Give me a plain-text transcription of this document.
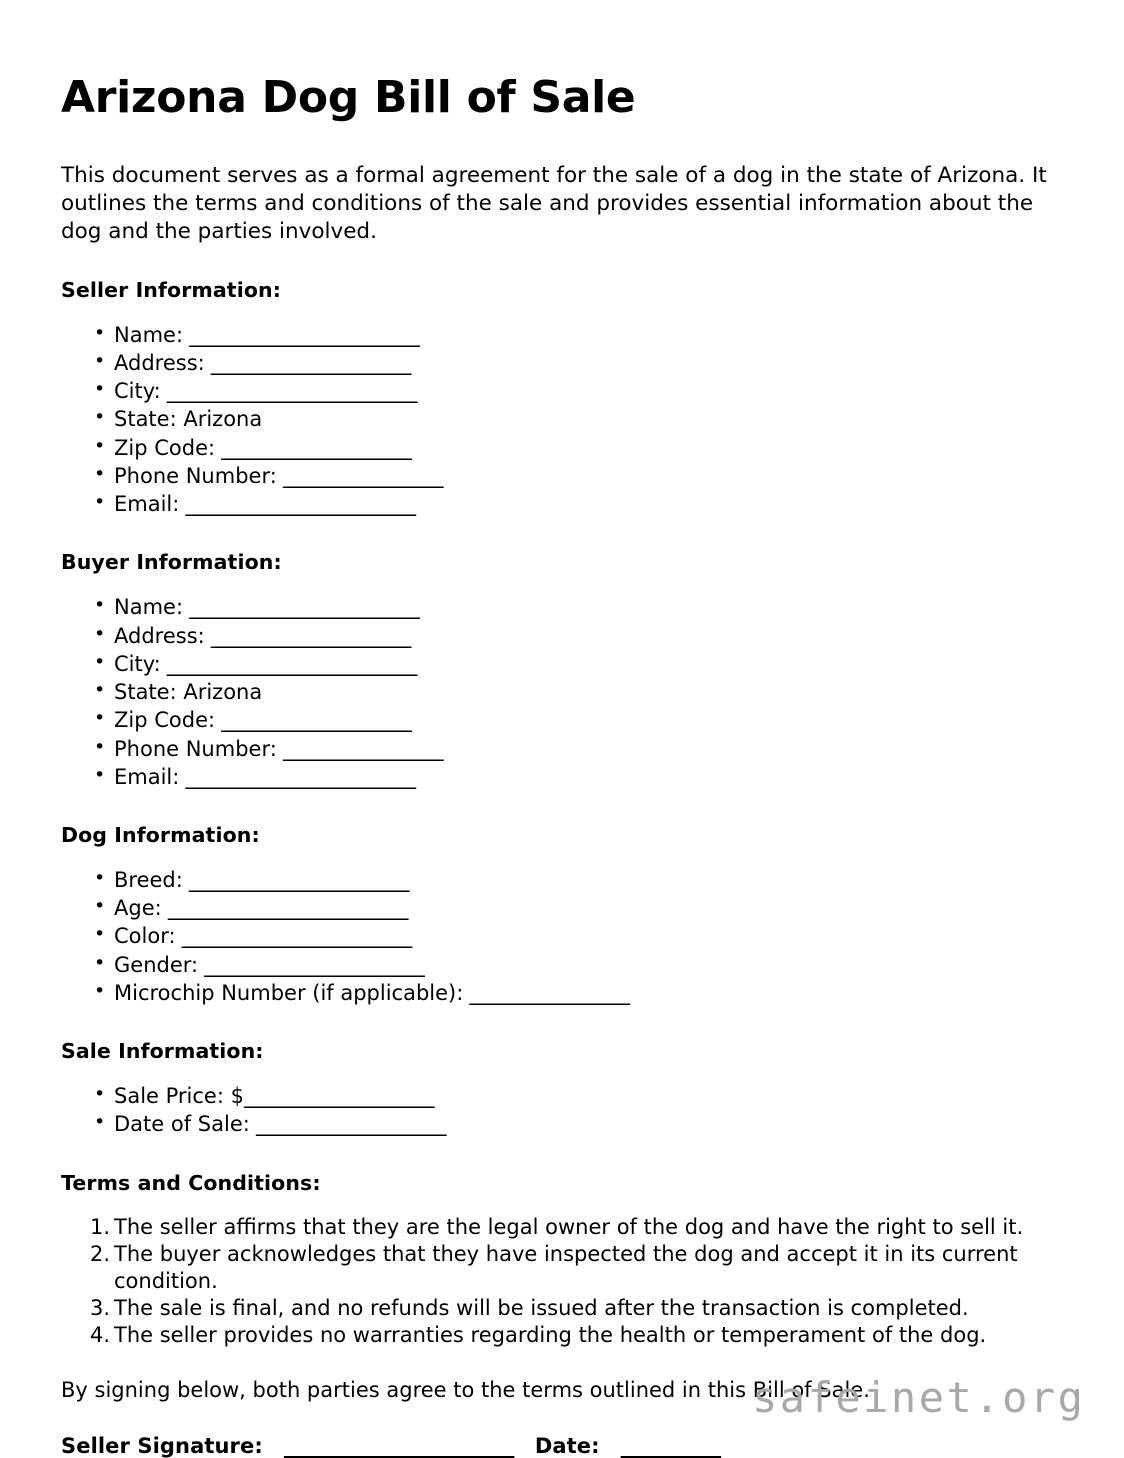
Arizona Dog Bill of Sale

This document serves as a formal agreement for the sale of a dog in the state of Arizona. It outlines the terms and conditions of the sale and provides essential information about the dog and the parties involved.

Seller Information:
• Name: _______________________
• Address: ____________________
• City: _________________________
• State: Arizona
• Zip Code: ___________________
• Phone Number: ________________
• Email: _______________________
Buyer Information:
• Name: _______________________
• Address: ____________________
• City: _________________________
• State: Arizona
• Zip Code: ___________________
• Phone Number: ________________
• Email: _______________________
Dog Information:
• Breed: ______________________
• Age: ________________________
• Color: _______________________
• Gender: ______________________
• Microchip Number (if applicable): ________________
Sale Information:
• Sale Price: $___________________
• Date of Sale: ___________________
Terms and Conditions:
The seller affirms that they are the legal owner of the dog and have the right to sell it.
The buyer acknowledges that they have inspected the dog and accept it in its current condition.
The sale is final, and no refunds will be issued after the transaction is completed.
The seller provides no warranties regarding the health or temperament of the dog.

By signing below, both parties agree to the terms outlined in this Bill of Sale.

Seller Signature: _______________________ Date: __________
safeinet.org
